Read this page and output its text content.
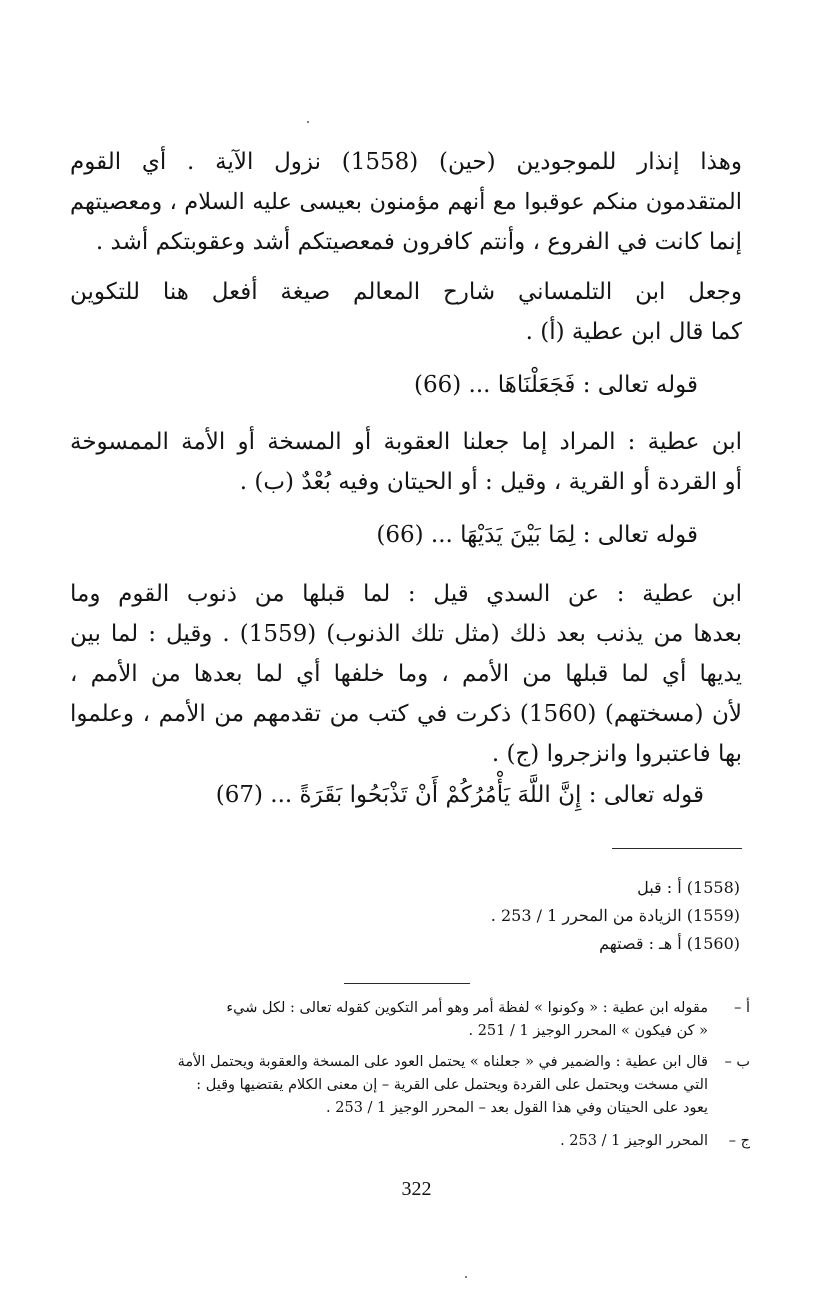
وهذا إنذار للموجودين (حين) (1558) نزول الآية . أي القوم
المتقدمون منكم عوقبوا مع أنهم مؤمنون بعيسى عليه السلام ، ومعصيتهم
إنما كانت في الفروع ، وأنتم كافرون فمعصيتكم أشد وعقوبتكم أشد .
وجعل ابن التلمساني شارح المعالم صيغة أفعل هنا للتكوين
كما قال ابن عطية (أ) .
قوله تعالى : فَجَعَلْنَاهَا ... (66)
ابن عطية : المراد إما جعلنا العقوبة أو المسخة أو الأمة الممسوخة
أو القردة أو القرية ، وقيل : أو الحيتان وفيه بُعْدٌ (ب) .
قوله تعالى : لِمَا بَيْنَ يَدَيْهَا ... (66)
ابن عطية : عن السدي قيل : لما قبلها من ذنوب القوم وما
بعدها من يذنب بعد ذلك (مثل تلك الذنوب) (1559) . وقيل : لما بين
يديها أي لما قبلها من الأمم ، وما خلفها أي لما بعدها من الأمم ،
لأن (مسختهم) (1560) ذكرت في كتب من تقدمهم من الأمم ، وعلموا
بها فاعتبروا وانزجروا (ج) .
قوله تعالى : إِنَّ اللَّهَ يَأْمُرُكُمْ أَنْ تَذْبَحُوا بَقَرَةً ... (67)
(1558) أ : قبل
(1559) الزيادة من المحرر 1 / 253 .
(1560) أ هـ : قصتهم
أ –
مقوله ابن عطية : « وكونوا » لفظة أمر وهو أمر التكوين كقوله تعالى : لكل شيء
« كن فيكون » المحرر الوجيز 1 / 251 .
ب –
قال ابن عطية : والضمير في « جعلناه » يحتمل العود على المسخة والعقوبة ويحتمل الأمة
التي مسخت ويحتمل على القردة ويحتمل على القرية – إن معنى الكلام يقتضيها وقيل :
يعود على الحيتان وفي هذا القول بعد – المحرر الوجيز 1 / 253 .
ج –
المحرر الوجيز 1 / 253 .
322
